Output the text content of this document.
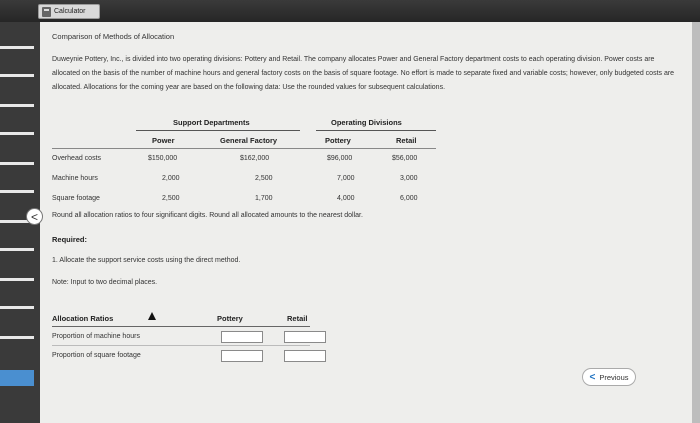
Calculator
Comparison of Methods of Allocation
Duweynie Pottery, Inc., is divided into two operating divisions: Pottery and Retail. The company allocates Power and General Factory department costs to each operating division. Power costs are allocated on the basis of the number of machine hours and general factory costs on the basis of square footage. No effort is made to separate fixed and variable costs; however, only budgeted costs are allocated. Allocations for the coming year are based on the following data: Use the rounded values for subsequent calculations.
Support Departments	Operating Divisions
Power	General Factory	Pottery	Retail
Overhead costs	$150,000	$162,000	$96,000	$56,000
Machine hours	2,000	2,500	7,000	3,000
Square footage	2,500	1,700	4,000	6,000
Round all allocation ratios to four significant digits. Round all allocated amounts to the nearest dollar.
Required:
1. Allocate the support service costs using the direct method.
Note: Input to two decimal places.
Allocation Ratios	Pottery	Retail
Proportion of machine hours
Proportion of square footage
< Previous
<
